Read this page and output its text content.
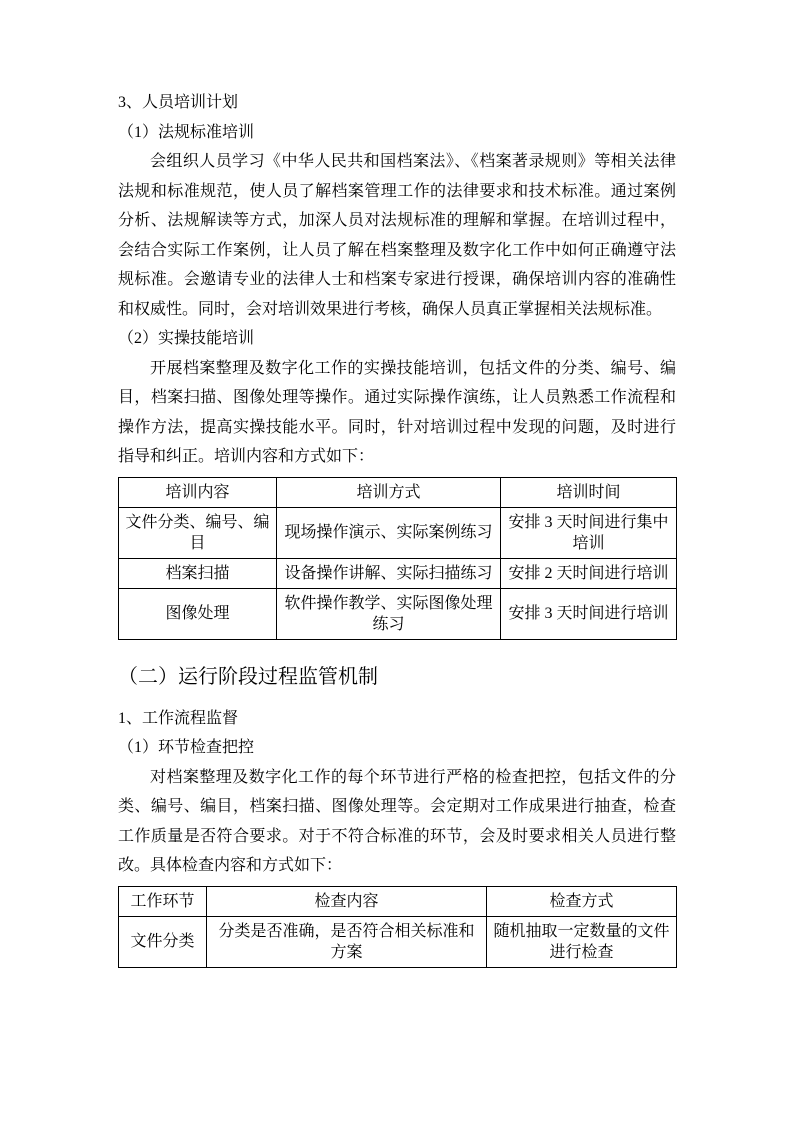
3、人员培训计划
（1）法规标准培训

会组织人员学习《中华人民共和国档案法》、《档案著录规则》等相关法律法规和标准规范，使人员了解档案管理工作的法律要求和技术标准。通过案例分析、法规解读等方式，加深人员对法规标准的理解和掌握。在培训过程中，会结合实际工作案例，让人员了解在档案整理及数字化工作中如何正确遵守法规标准。会邀请专业的法律人士和档案专家进行授课，确保培训内容的准确性和权威性。同时，会对培训效果进行考核，确保人员真正掌握相关法规标准。

（2）实操技能培训

开展档案整理及数字化工作的实操技能培训，包括文件的分类、编号、编目，档案扫描、图像处理等操作。通过实际操作演练，让人员熟悉工作流程和操作方法，提高实操技能水平。同时，针对培训过程中发现的问题，及时进行指导和纠正。培训内容和方式如下：

培训内容	培训方式	培训时间
文件分类、编号、编目	现场操作演示、实际案例练习	安排 3 天时间进行集中培训
档案扫描	设备操作讲解、实际扫描练习	安排 2 天时间进行培训
图像处理	软件操作教学、实际图像处理练习	安排 3 天时间进行培训
（二）运行阶段过程监管机制
1、工作流程监督
（1）环节检查把控

对档案整理及数字化工作的每个环节进行严格的检查把控，包括文件的分类、编号、编目，档案扫描、图像处理等。会定期对工作成果进行抽查，检查工作质量是否符合要求。对于不符合标准的环节，会及时要求相关人员进行整改。具体检查内容和方式如下：

工作环节	检查内容	检查方式
文件分类	分类是否准确，是否符合相关标准和方案	随机抽取一定数量的文件进行检查
